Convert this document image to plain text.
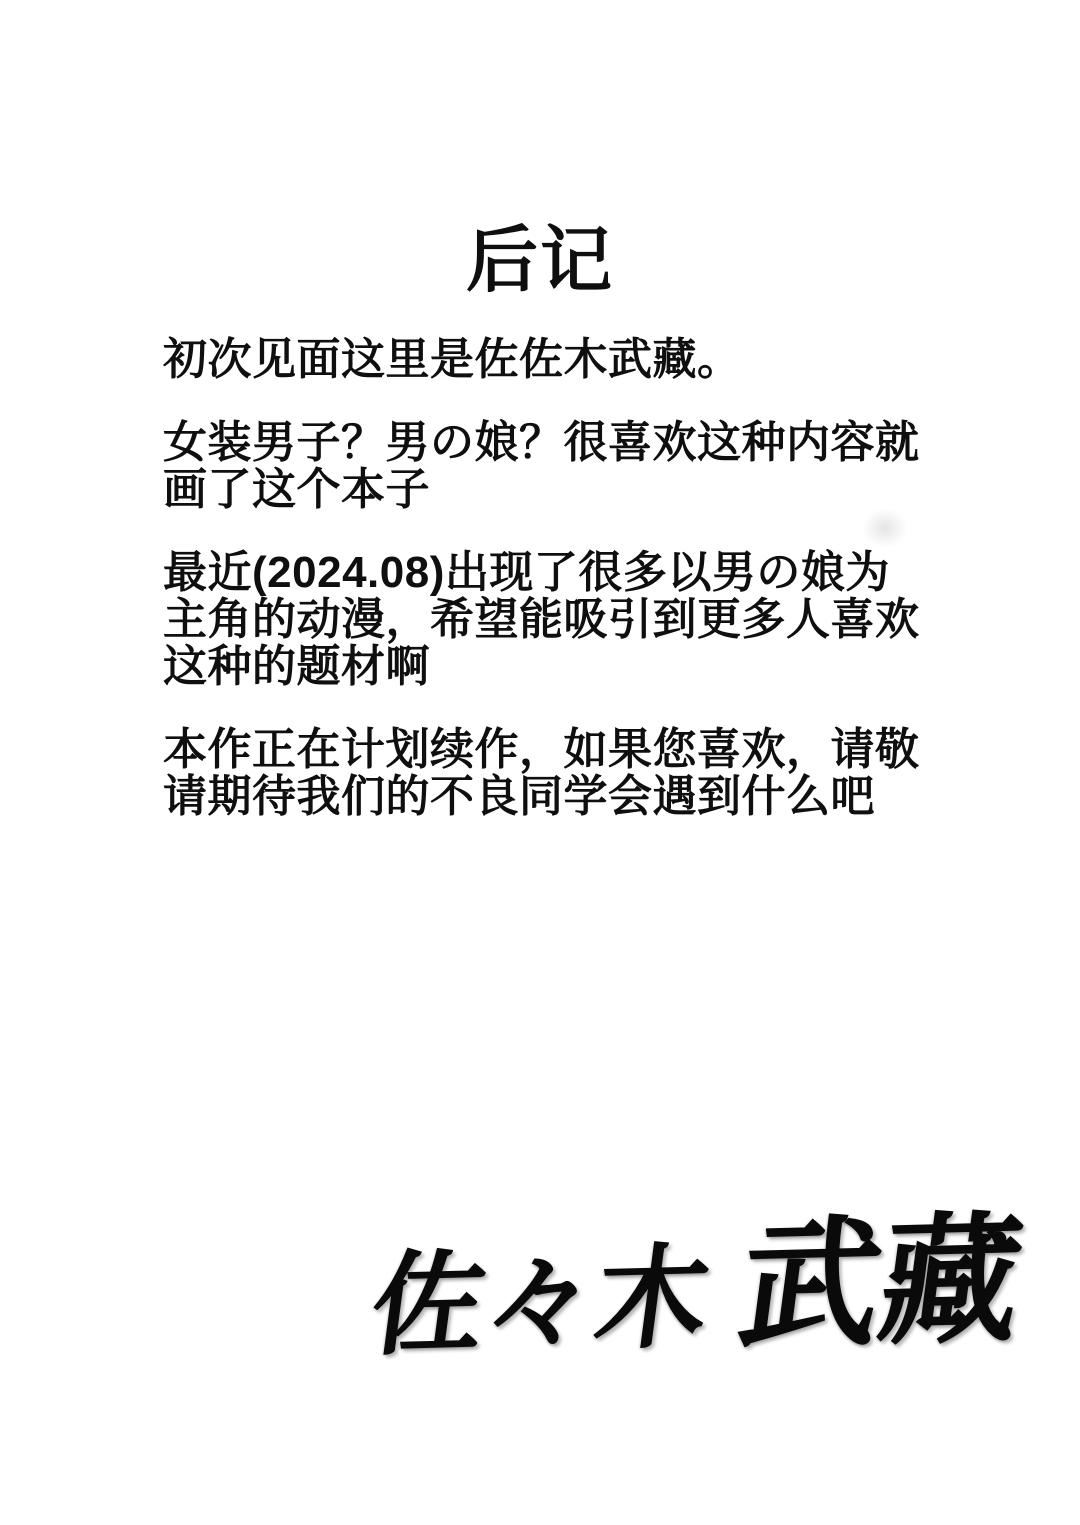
后记
初次见面这里是佐佐木武藏。
女装男子？男の娘？很喜欢这种内容就
画了这个本子
最近(2024.08)出现了很多以男の娘为
主角的动漫，希望能吸引到更多人喜欢
这种的题材啊
本作正在计划续作，如果您喜欢，请敬
请期待我们的不良同学会遇到什么吧
佐々木 武藏
